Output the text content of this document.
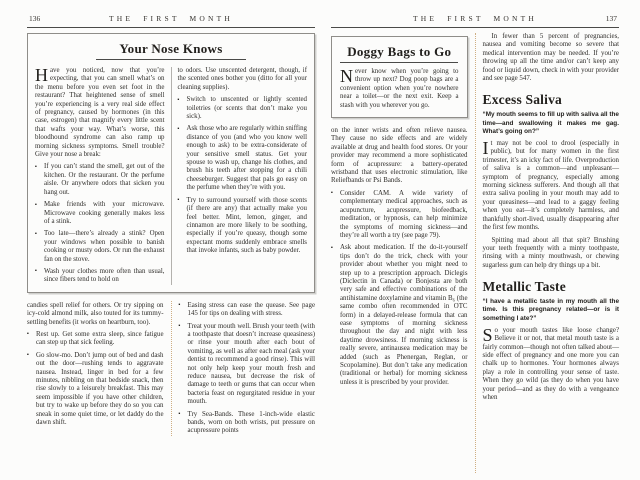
136	THE FIRST MONTH
Your Nose Knows
Have you noticed, now that you’re expecting, that you can smell what’s on the menu before you even set foot in the restaurant? That heightened sense of smell you’re experiencing is a very real side effect of pregnancy, caused by hormones (in this case, estrogen) that magnify every little scent that wafts your way. What’s worse, this bloodhound syndrome can also ramp up morning sickness symptoms. Smell trouble? Give your nose a break:
▪ If you can’t stand the smell, get out of the kitchen. Or the restaurant. Or the perfume aisle. Or anywhere odors that sicken you hang out.
▪ Make friends with your microwave. Microwave cooking generally makes less of a stink.
▪ Too late—there’s already a stink? Open your windows when possible to banish cooking or musty odors. Or run the exhaust fan on the stove.
▪ Wash your clothes more often than usual, since fibers tend to hold on
to odors. Use unscented detergent, though, if the scented ones bother you (ditto for all your cleaning supplies).
▪ Switch to unscented or lightly scented toiletries (or scents that don’t make you sick).
▪ Ask those who are regularly within sniffing distance of you (and who you know well enough to ask) to be extra-considerate of your sensitive smell status. Get your spouse to wash up, change his clothes, and brush his teeth after stopping for a chili cheeseburger. Suggest that pals go easy on the perfume when they’re with you.
▪ Try to surround yourself with those scents (if there are any) that actually make you feel better. Mint, lemon, ginger, and cinnamon are more likely to be soothing, especially if you’re queasy, though some expectant moms suddenly embrace smells that invoke infants, such as baby powder.
candies spell relief for others. Or try sipping on icy-cold almond milk, also touted for its tummy-settling benefits (it works on heartburn, too).
▪ Rest up. Get some extra sleep, since fatigue can step up that sick feeling.
▪ Go slow-mo. Don’t jump out of bed and dash out the door—rushing tends to aggravate nausea. Instead, linger in bed for a few minutes, nibbling on that bedside snack, then rise slowly to a leisurely breakfast. This may seem impossible if you have other children, but try to wake up before they do so you can sneak in some quiet time, or let daddy do the dawn shift.
▪ Easing stress can ease the quease. See page 145 for tips on dealing with stress.
▪ Treat your mouth well. Brush your teeth (with a toothpaste that doesn’t increase queasiness) or rinse your mouth after each bout of vomiting, as well as after each meal (ask your dentist to recommend a good rinse). This will not only help keep your mouth fresh and reduce nausea, but decrease the risk of damage to teeth or gums that can occur when bacteria feast on regurgitated residue in your mouth.
▪ Try Sea-Bands. These 1-inch-wide elastic bands, worn on both wrists, put pressure on acupressure points
THE FIRST MONTH	137
Doggy Bags to Go
Never know when you’re going to throw up next? Dog poop bags are a convenient option when you’re nowhere near a toilet—or the next exit. Keep a stash with you wherever you go.
on the inner wrists and often relieve nausea. They cause no side effects and are widely available at drug and health food stores. Or your provider may recommend a more sophisticated form of acupressure: a battery-operated wristband that uses electronic stimulation, like Reliefbands or Psi Bands.
▪ Consider CAM. A wide variety of complementary medical approaches, such as acupuncture, acupressure, biofeedback, meditation, or hypnosis, can help minimize the symptoms of morning sickness—and they’re all worth a try (see page 79).
▪ Ask about medication. If the do-it-yourself tips don’t do the trick, check with your provider about whether you might need to step up to a prescription approach. Diclegis (Diclectin in Canada) or Bonjesta are both very safe and effective combinations of the antihistamine doxylamine and vitamin B₆ (the same combo often recommended in OTC form) in a delayed-release formula that can ease symptoms of morning sickness throughout the day and night with less daytime drowsiness. If morning sickness is really severe, antinausea medication may be added (such as Phenergan, Reglan, or Scopolamine). But don’t take any medication (traditional or herbal) for morning sickness unless it is prescribed by your provider.
In fewer than 5 percent of pregnancies, nausea and vomiting become so severe that medical intervention may be needed. If you’re throwing up all the time and/or can’t keep any food or liquid down, check in with your provider and see page 547.
Excess Saliva
“My mouth seems to fill up with saliva all the time—and swallowing it makes me gag. What’s going on?”
It may not be cool to drool (especially in public), but for many women in the first trimester, it’s an icky fact of life. Overproduction of saliva is a common—and unpleasant—symptom of pregnancy, especially among morning sickness sufferers. And though all that extra saliva pooling in your mouth may add to your queasiness—and lead to a gaggy feeling when you eat—it’s completely harmless, and thankfully short-lived, usually disappearing after the first few months.
Spitting mad about all that spit? Brushing your teeth frequently with a minty toothpaste, rinsing with a minty mouthwash, or chewing sugarless gum can help dry things up a bit.
Metallic Taste
“I have a metallic taste in my mouth all the time. Is this pregnancy related—or is it something I ate?”
So your mouth tastes like loose change? Believe it or not, that metal mouth taste is a fairly common—though not often talked about—side effect of pregnancy and one more you can chalk up to hormones. Your hormones always play a role in controlling your sense of taste. When they go wild (as they do when you have your period—and as they do with a vengeance when
